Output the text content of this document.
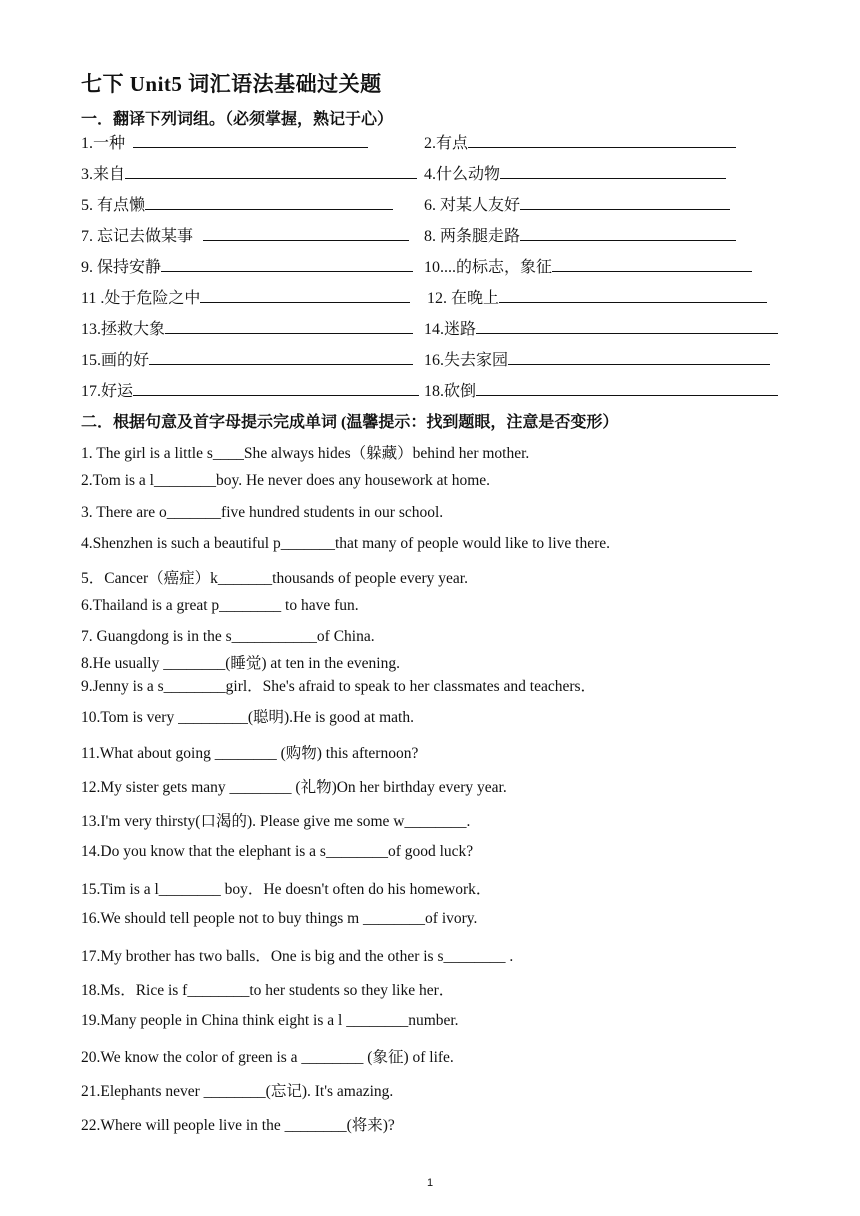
七下 Unit5 词汇语法基础过关题
一．翻译下列词组。（必须掌握，熟记于心）
1.一种	2.有点
3.来自	4.什么动物
5. 有点懒	6. 对某人友好
7. 忘记去做某事	8. 两条腿走路
9. 保持安静	10....的标志，象征
11 .处于危险之中	12. 在晚上
13.拯救大象	14.迷路
15.画的好	16.失去家园
17.好运	18.砍倒
二．根据句意及首字母提示完成单词 (温馨提示：找到题眼，注意是否变形）
1. The girl is a little s____She always hides（躲藏）behind her mother.
2.Tom is a l________boy. He never does any housework at home.
3. There are o_______five hundred students in our school.
4.Shenzhen is such a beautiful p_______that many of people would like to live there.
5．Cancer（癌症）k_______thousands of people every year.
6.Thailand is a great p________ to have fun.
7. Guangdong is in the s___________of China.
8.He usually ________(睡觉) at ten in the evening.
9.Jenny is a s________girl．She's afraid to speak to her classmates and teachers．
10.Tom is very _________(聪明).He is good at math.
11.What about going ________ (购物) this afternoon?
12.My sister gets many ________ (礼物)On her birthday every year.
13.I'm very thirsty(口渴的). Please give me some w________.
14.Do you know that the elephant is a s________of good luck?
15.Tim is a l________ boy．He doesn't often do his homework．
16.We should tell people not to buy things m ________of ivory.
17.My brother has two balls．One is big and the other is s________ .
18.Ms．Rice is f________to her students so they like her．
19.Many people in China think eight is a l ________number.
20.We know the color of green is a ________ (象征) of life.
21.Elephants never ________(忘记). It's amazing.
22.Where will people live in the ________(将来)?
1
